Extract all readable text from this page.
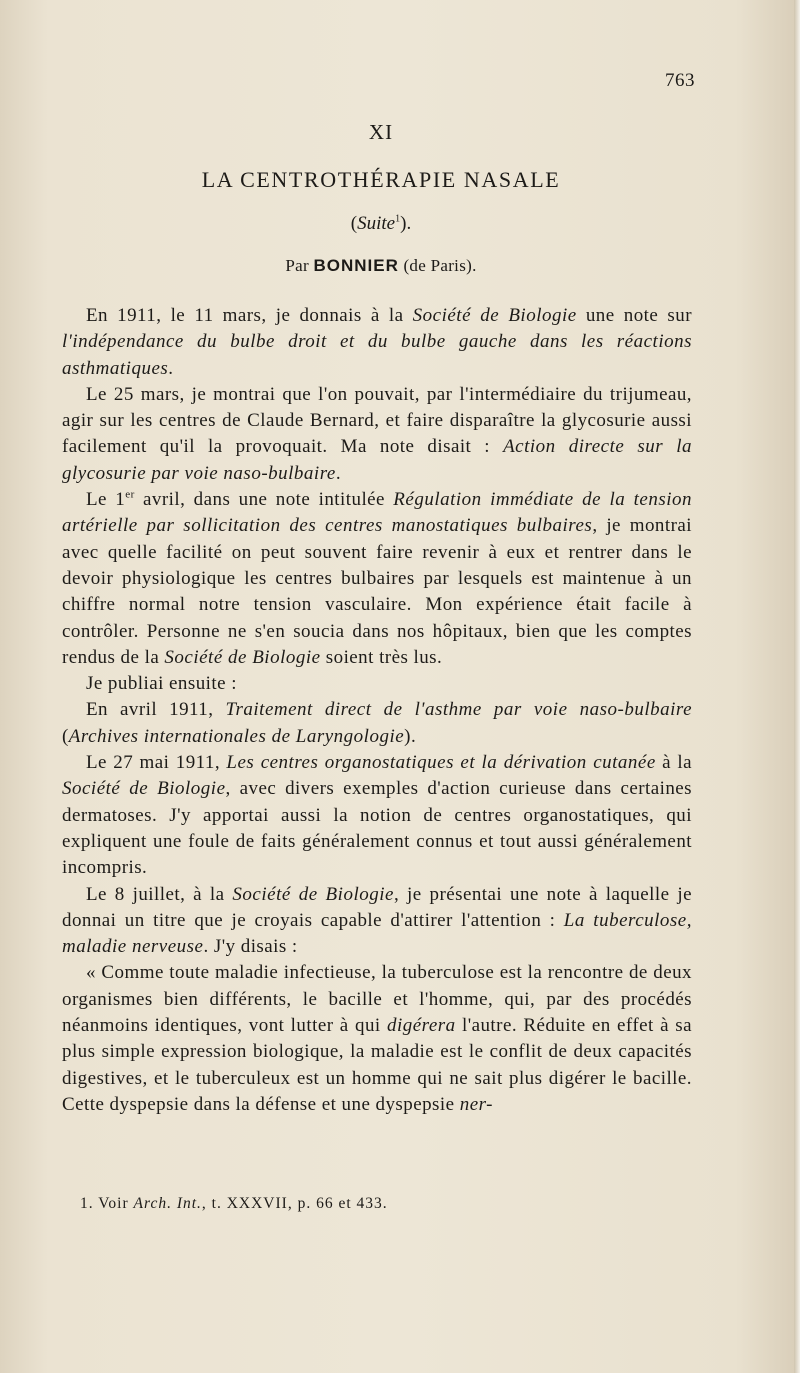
763
XI
LA CENTROTHÉRAPIE NASALE
(Suite$^1$).
Par BONNIER (de Paris).

En 1911, le 11 mars, je donnais à la Société de Biologie une note sur l'indépendance du bulbe droit et du bulbe gauche dans les réactions asthmatiques.

Le 25 mars, je montrai que l'on pouvait, par l'intermédiaire du trijumeau, agir sur les centres de Claude Bernard, et faire disparaître la glycosurie aussi facilement qu'il la provoquait. Ma note disait : Action directe sur la glycosurie par voie naso-bulbaire.

Le 1er avril, dans une note intitulée Régulation immédiate de la tension artérielle par sollicitation des centres manostatiques bulbaires, je montrai avec quelle facilité on peut souvent faire revenir à eux et rentrer dans le devoir physiologique les centres bulbaires par lesquels est maintenue à un chiffre normal notre tension vasculaire. Mon expérience était facile à contrôler. Personne ne s'en soucia dans nos hôpitaux, bien que les comptes rendus de la Société de Biologie soient très lus.

Je publiai ensuite :

En avril 1911, Traitement direct de l'asthme par voie naso-bulbaire (Archives internationales de Laryngologie).

Le 27 mai 1911, Les centres organostatiques et la dérivation cutanée à la Société de Biologie, avec divers exemples d'action curieuse dans certaines dermatoses. J'y apportai aussi la notion de centres organostatiques, qui expliquent une foule de faits généralement connus et tout aussi généralement incompris.

Le 8 juillet, à la Société de Biologie, je présentai une note à laquelle je donnai un titre que je croyais capable d'attirer l'attention : La tuberculose, maladie nerveuse. J'y disais :

« Comme toute maladie infectieuse, la tuberculose est la rencontre de deux organismes bien différents, le bacille et l'homme, qui, par des procédés néanmoins identiques, vont lutter à qui digérera l'autre. Réduite en effet à sa plus simple expression biologique, la maladie est le conflit de deux capacités digestives, et le tuberculeux est un homme qui ne sait plus digérer le bacille. Cette dyspepsie dans la défense et une dyspepsie ner-

1. Voir Arch. Int., t. XXXVII, p. 66 et 433.
